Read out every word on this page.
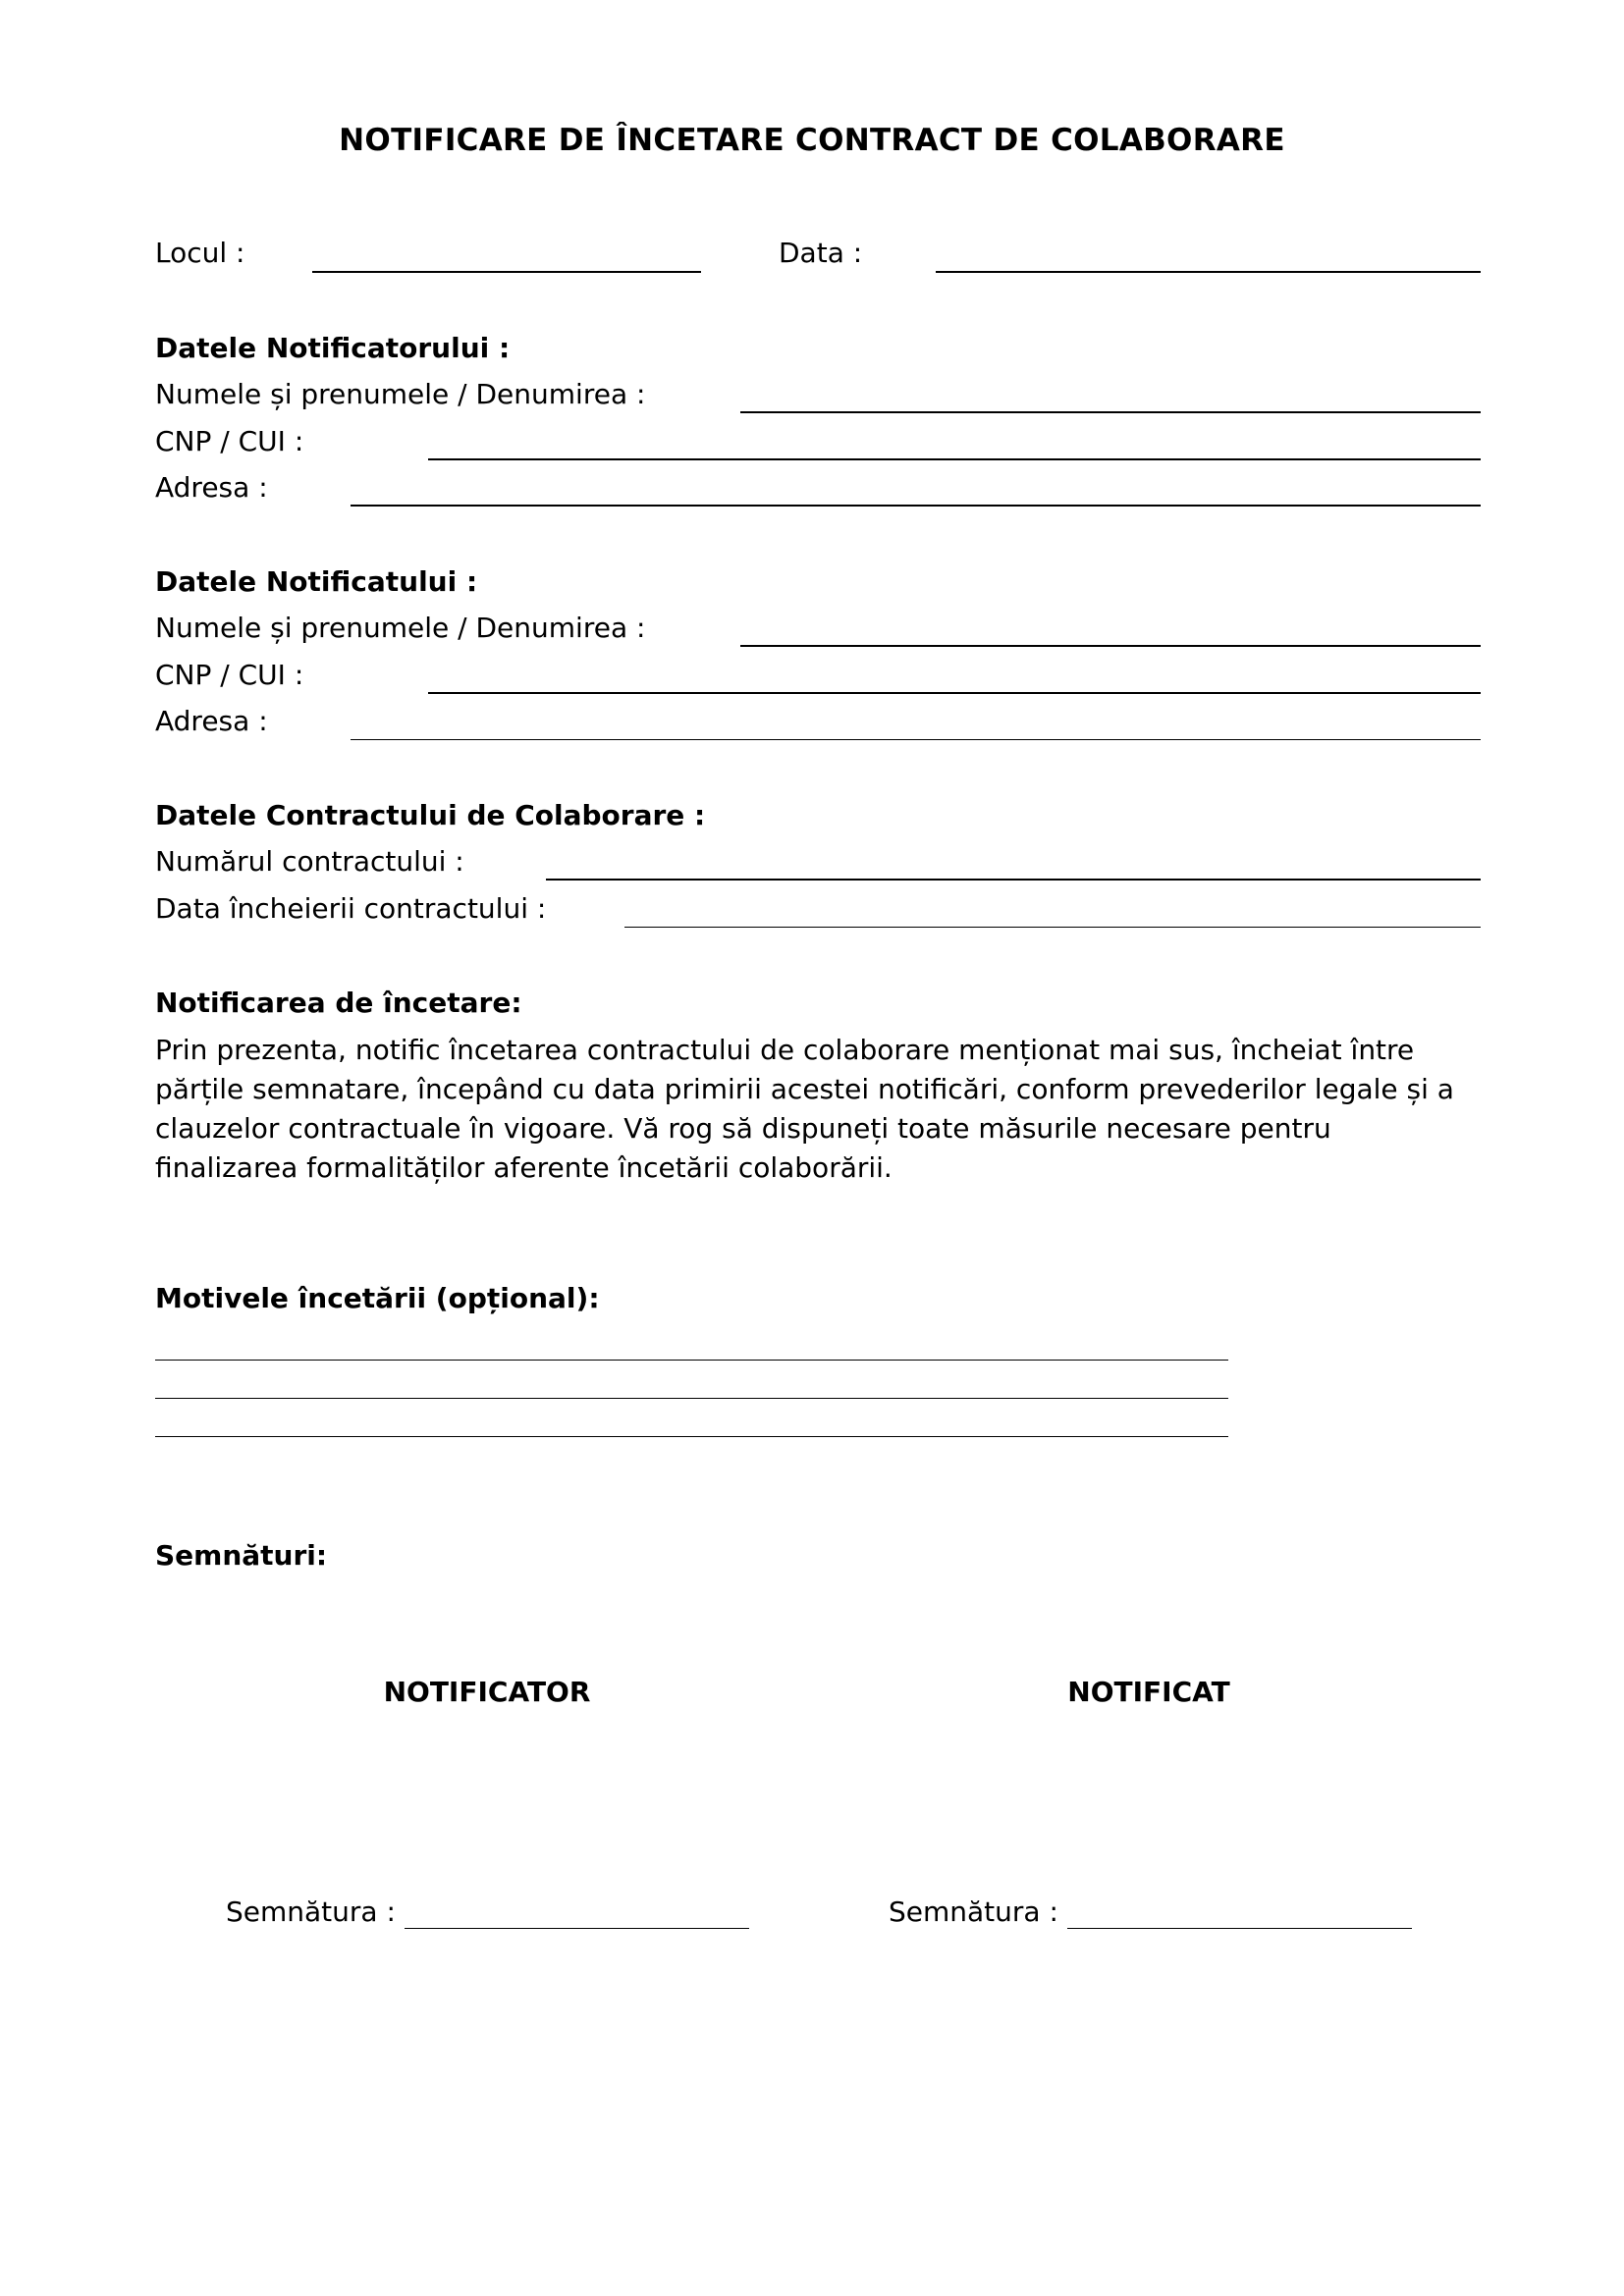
NOTIFICARE DE ÎNCETARE CONTRACT DE COLABORARE
Locul :	Data :
Datele Notificatorului :
Numele și prenumele / Denumirea :
CNP / CUI :
Adresa :
Datele Notificatului :
Numele și prenumele / Denumirea :
CNP / CUI :
Adresa :
Datele Contractului de Colaborare :
Numărul contractului :
Data încheierii contractului :
Notificarea de încetare:
Prin prezenta, notific încetarea contractului de colaborare menționat mai sus, încheiat între
părțile semnatare, începând cu data primirii acestei notificări, conform prevederilor legale și a
clauzelor contractuale în vigoare. Vă rog să dispuneți toate măsurile necesare pentru
finalizarea formalităților aferente încetării colaborării.
Motivele încetării (opțional):
Semnături:
NOTIFICATOR	NOTIFICAT
Semnătura :	Semnătura :
